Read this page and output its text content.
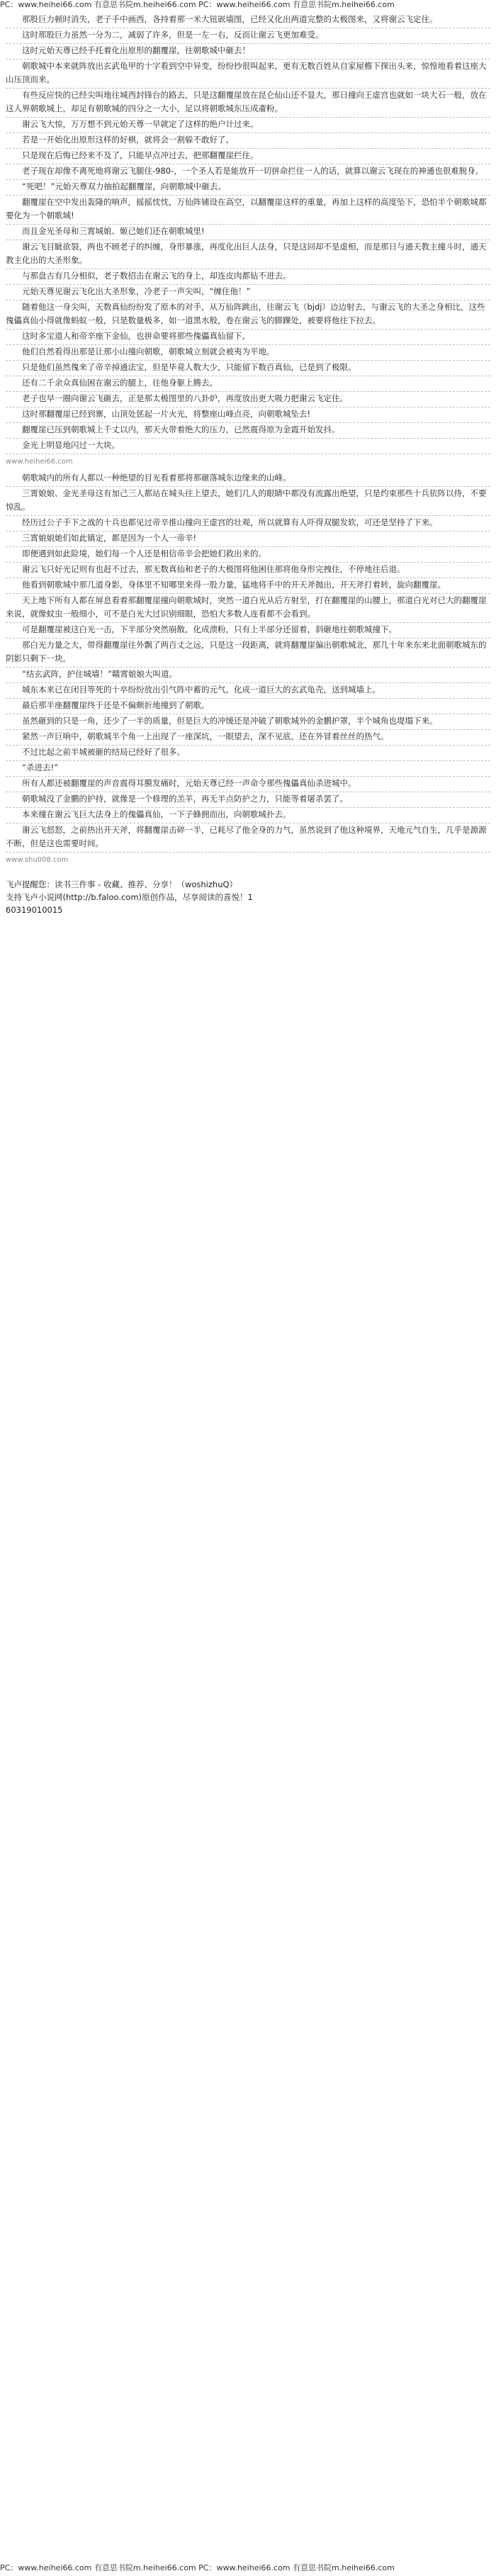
PC：www.heihei66.com 有意思书院m.heihei66.com PC：www.heihei66.com 有意思书院m.heihei66.com

　　那股巨力顿时消失，老子手中画西，各持着那一米大钮嵌墙图，已经又化出两道完整的太极图来，又将谢云飞定住。

　　这时那股巨力虽然一分为二，减弱了许多，但是一左一右，反而让谢云飞更加难受。

　　这时元始天尊已经手托着化出原形的翻覆崖，往朝歌城中砸去！

　　朝歌城中本来就阵放出玄武龟甲的十字看到空中异变，纷纷抄很叫起来，更有无数百姓从自家屋檐下探出头来，惊惶地看着这座大山压顶而来。

　　有些反应快的已经尖叫地往城西封锋台的路去，只是这翻覆崖放在昆仑仙山还不显大，那日撞向王虚宫也就如一块大石一般，放在这人界朝歌城上，却足有朝歌城的四分之一大小，足以将朝歌城东压成齑粉。

　　谢云飞大惊，万万想不到元始天尊一早就定了这样的绝户计过来。

　　若是一开始化出原形这样的好棋，就将会一割躲不敢好了。

　　只是现在后悔已经来不及了，只能早点冲过去，把那翻覆崖拦住。

　　老子现在却像不离死地将谢云飞腿住-980-，一个圣人若是能放开一切拼命拦住一人的话，就算以谢云飞现在的神通也很难脱身。

　　“死吧！”元始天尊双力抽拍起翻覆崖，向朝歌城中砸去。

　　翻覆崖在空中发出轰隆的响声，摇摇忱忱，万仙阵铺设在高空，以翻覆崖这样的重量，再加上这样的高度坠下，恐怕半个朝歌城都要化为一个朝歌城!

　　而且金光圣母和三霄城娘、姬己她们还在朝歌城里!

　　谢云飞目眦欲裂，两也不顾老子的纠缠，身形暴涨，再度化出巨人法身，只是这回却不是虚相，而是那日与通天教主撞斗时，通天教主化出的大圣形象。

　　与那盘古有几分相似，老子数招击在谢云飞的身上，却连皮肉都钻不进去。

　　元始天尊见谢云飞化出大圣形象，冷老子一声尖叫，“缠住他！”

　　随着他这一身尖叫，天数真仙纷纷发了原本的对手，从万仙阵跳出，往谢云飞（bjdj）边边射去，与谢云飞的大圣之身相比，这些傀儡真仙小得就像蚂蚁一般，只是数量极多，如一道黑水般，卷在谢云飞的脚踝处，被要将他往下拉去。

　　这时多宝道人和帝辛座下金仙，也拼命要将那些傀儡真仙留下。

　　他们自然看得出那是让那小山撞向朝歌，朝歌城立刻就会被夷为平地。

　　只是他们虽然傀来了帝辛掉通法宝，但是毕竟人数大少，只能留下数百真仙，已是到了极限。

　　还有二千余众真仙困在谢云的腿上，往他身躯上腾去。

　　老子也早一圈向谢云飞砸去，正是那太极图里的八卦炉，再度放出更大吸力把谢云飞定住。

　　这时那翻覆崖已经到寨，山顶处惩起一片火光，将整座山峰点亮，向朝歌城坠去!

　　翻覆崖已压到朝歌城上千丈以内，那天火带着绝大的压力，已然震得原为金霞开始发抖。

　　金光上明显地闪过一大块。

www.heihei66.com

　　朝歌城内的所有人都以一种绝望的目光看着那将那砸落城东边缘来的山峰。

　　三霄娘娘、金光圣母这有加己三人都站在城头往上望去，她们几人的眼睛中都没有流露出绝望，只是约束那些十兵依阵以待，不要惊乱。

　　经历过公子手下之战的十兵也都见过帝辛推山撞向王虚宫的壮观，所以就算有人吓得双腿发软，可还是坚持了下来。

　　三霄娘娘她们如此镇定，都是因为一个人一帝辛!

　　即便遇到如此险境，她们每一个人还是相信帝辛会把她们救出来的。

　　谢云飞只好光记则有也赶不过去，那无数真仙和老子的大极图将他困住那将他身形完拽住，不停地往后退。

　　他看到朝歌城中那几道身影，身体里不知哪里来得一股力量，猛地将手中的开天斧抛出，开天斧打着转，旋向翻覆崖。

　　天上地下所有人都在屏息看着那翻覆崖撞向朝歌城时，突然一道白光从后方射至，打在翻覆崖的山腰上，那道白光对已大的翻覆崖来说，就像蚊虫一般细小，可不是白光大过识别细眼，恐怕大多数人连看都不会看到。

　　可是翻覆崖被这白光一击，下半部分突然崩散，化成溃粉，只有上半部分还留着，斜砸地往朝歌城撞下。

　　那白光力量之大，带得翻覆崖往外飘了两百丈之远，只是这一段距离，就将翻覆崖偏出朝歌城北，那几十年来东来北面朝歌城东的阴影只剩下一块。

　　“结玄武阵，护住城墙！”赣霄娘娘大叫道。

　　城东本来已在闭目等死的十卒纷纷放出引气阵中蓄的元气，化成一道巨大的玄武龟壳，送到城墙上。

　　最后那半座翻覆崖终于还是不偏颇折地撞到了朝歌。

　　虽然砸到的只是一角，还少了一半的质量，但是巨大的冲缓还是冲破了朝歌城外的金鹏护罩，半个城角也堤塌下来。

　　紧然一声巨响中，朝歌城半个角一上出现了一座深坑，一眼望去，深不见底，还在外冒着丝丝的热气。

　　不过比起之前半城被砸的结局已经好了很多。

　　“杀进去!”

　　所有人都还被翻覆崖的声音震得耳膜发痛时，元始天尊已经一声命令那些傀儡真仙杀进城中。

　　朝歌城没了金鹏的护持，就像是一个修理的羔羊，再无半点防护之力，只能等着屠杀罢了。

　　本来撞在谢云飞巨大法身上的傀儡真仙，一下子蜂拥而出，向朝歌城扑去。

　　谢云飞怒怒，之前热出开天斧，将翻覆崖击碎一半，已耗尽了他全身的力气，虽然说到了他这种境界，天地元气自生，几乎是源源不断，但是这也需要时间。

www.shu008.com
飞卢提醒您：读书三件事 - 收藏、推荐、分享！（woshizhuQ）
支持飞卢小说网(http://b.faloo.com)原创作品，尽享阅读的喜悦！1
60319010015
PC：www.heihei66.com 有意思书院m.heihei66.com PC：www.heihei66.com 有意思书院m.heihei66.com
